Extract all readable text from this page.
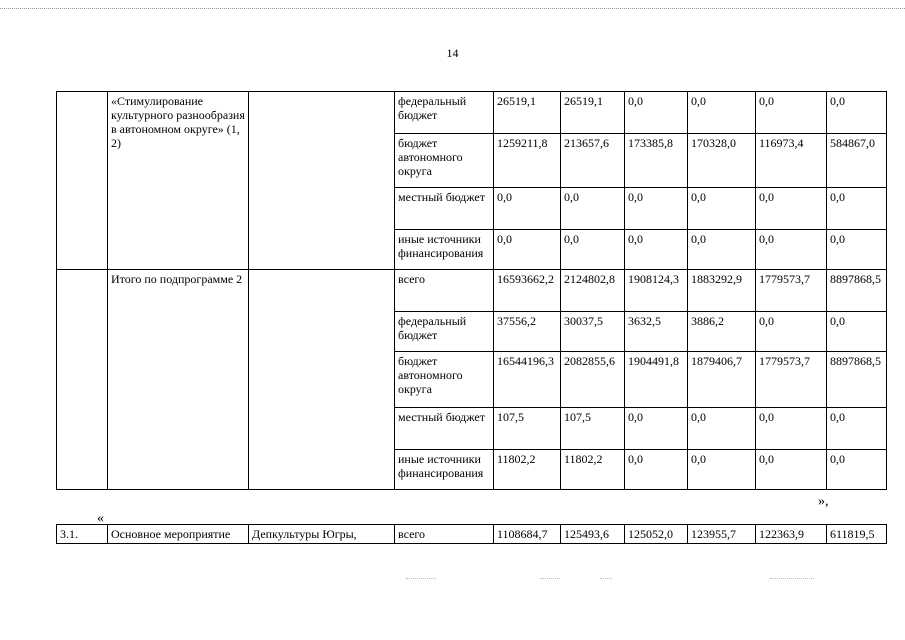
14
	«Стимулирование культурного разнообразия в автономном округе» (1, 2)		федеральный бюджет	26519,1	26519,1	0,0	0,0	0,0	0,0
			бюджет автономного округа	1259211,8	213657,6	173385,8	170328,0	116973,4	584867,0
			местный бюджет	0,0	0,0	0,0	0,0	0,0	0,0
			иные источники финансирования	0,0	0,0	0,0	0,0	0,0	0,0
	Итого по подпрограмме 2		всего	16593662,2	2124802,8	1908124,3	1883292,9	1779573,7	8897868,5
			федеральный бюджет	37556,2	30037,5	3632,5	3886,2	0,0	0,0
			бюджет автономного округа	16544196,3	2082855,6	1904491,8	1879406,7	1779573,7	8897868,5
			местный бюджет	107,5	107,5	0,0	0,0	0,0	0,0
			иные источники финансирования	11802,2	11802,2	0,0	0,0	0,0	0,0
»,
«
3.1.	Основное мероприятие	Депкультуры Югры,	всего	1108684,7	125493,6	125052,0	123955,7	122363,9	611819,5
